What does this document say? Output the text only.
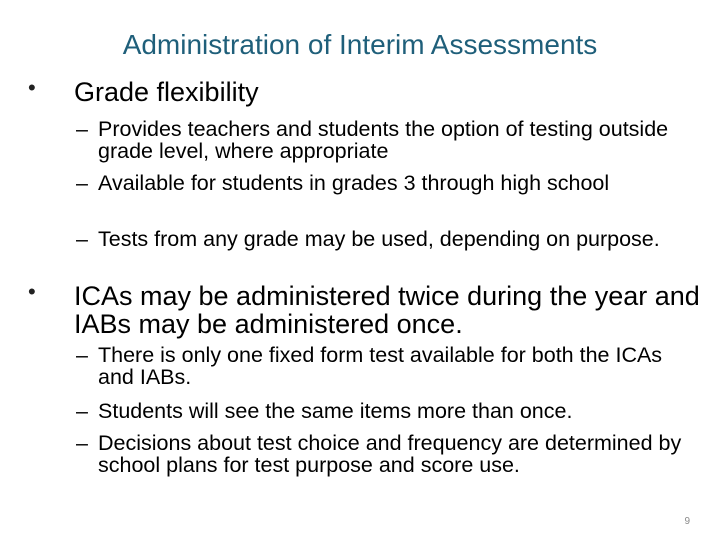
Administration of Interim Assessments
• Grade flexibility
– Provides teachers and students the option of testing outside grade level, where appropriate
– Available for students in grades 3 through high school
– Tests from any grade may be used, depending on purpose.
• ICAs may be administered twice during the year and IABs may be administered once.
– There is only one fixed form test available for both the ICAs and IABs.
– Students will see the same items more than once.
– Decisions about test choice and frequency are determined by school plans for test purpose and score use.
9
